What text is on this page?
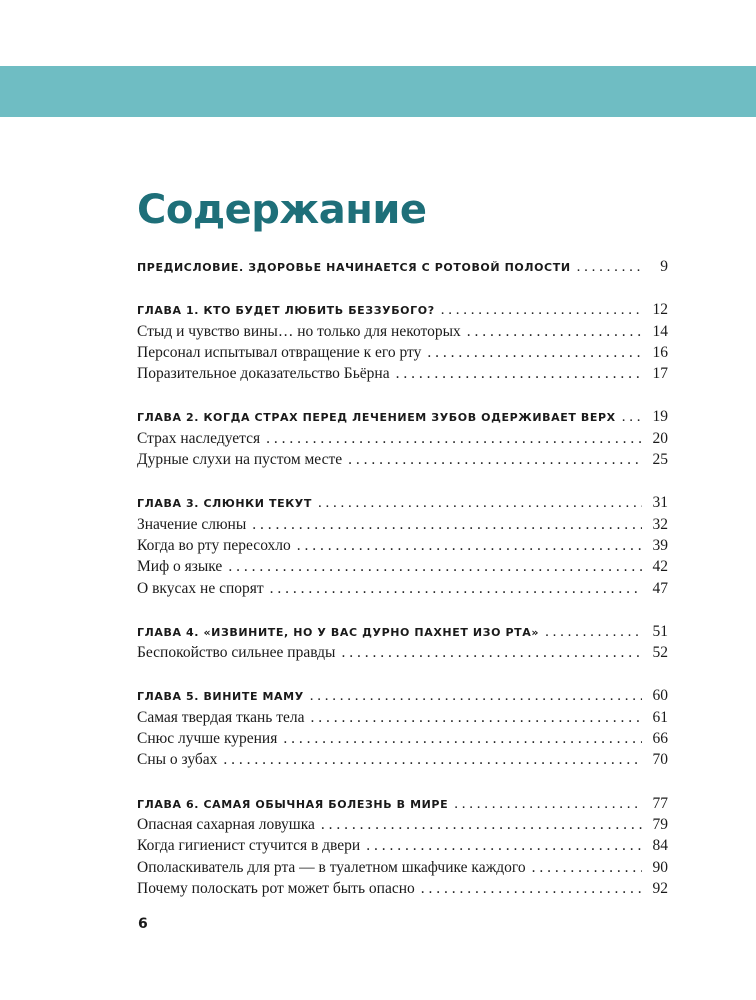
Содержание
ПРЕДИСЛОВИЕ. ЗДОРОВЬЕ НАЧИНАЕТСЯ С РОТОВОЙ ПОЛОСТИ . . .	9
ГЛАВА 1. КТО БУДЕТ ЛЮБИТЬ БЕЗЗУБОГО? . . .	12
Стыд и чувство вины… но только для некоторых . . .	14
Персонал испытывал отвращение к его рту . . .	16
Поразительное доказательство Бьёрна . . .	17
ГЛАВА 2. КОГДА СТРАХ ПЕРЕД ЛЕЧЕНИЕМ ЗУБОВ ОДЕРЖИВАЕТ ВЕРХ . . .	19
Страх наследуется . . .	20
Дурные слухи на пустом месте . . .	25
ГЛАВА 3. СЛЮНКИ ТЕКУТ . . .	31
Значение слюны . . .	32
Когда во рту пересохло . . .	39
Миф о языке . . .	42
О вкусах не спорят . . .	47
ГЛАВА 4. «ИЗВИНИТЕ, НО У ВАС ДУРНО ПАХНЕТ ИЗО РТА» . . .	51
Беспокойство сильнее правды . . .	52
ГЛАВА 5. ВИНИТЕ МАМУ . . .	60
Самая твердая ткань тела . . .	61
Снюс лучше курения . . .	66
Сны о зубах . . .	70
ГЛАВА 6. САМАЯ ОБЫЧНАЯ БОЛЕЗНЬ В МИРЕ . . .	77
Опасная сахарная ловушка . . .	79
Когда гигиенист стучится в двери . . .	84
Ополаскиватель для рта — в туалетном шкафчике каждого . . .	90
Почему полоскать рот может быть опасно . . .	92
6
